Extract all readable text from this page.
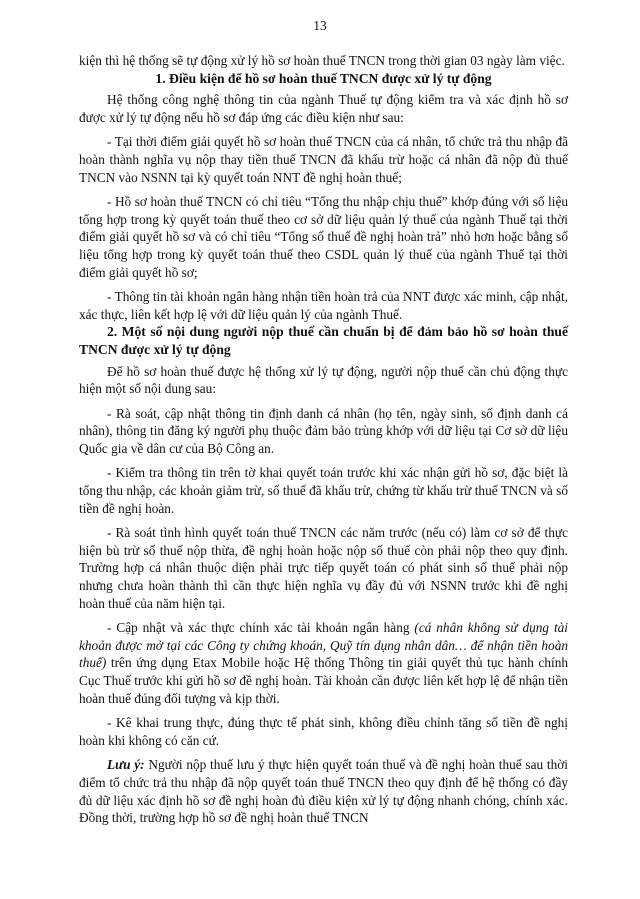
13

kiện thì hệ thống sẽ tự động xử lý hồ sơ hoàn thuế TNCN trong thời gian 03 ngày làm việc.

1. Điều kiện để hồ sơ hoàn thuế TNCN được xử lý tự động

Hệ thống công nghệ thông tin của ngành Thuế tự động kiểm tra và xác định hồ sơ được xử lý tự động nếu hồ sơ đáp ứng các điều kiện như sau:

- Tại thời điểm giải quyết hồ sơ hoàn thuế TNCN của cá nhân, tổ chức trả thu nhập đã hoàn thành nghĩa vụ nộp thay tiền thuế TNCN đã khấu trừ hoặc cá nhân đã nộp đủ thuế TNCN vào NSNN tại kỳ quyết toán NNT đề nghị hoàn thuế;

- Hồ sơ hoàn thuế TNCN có chỉ tiêu “Tổng thu nhập chịu thuế” khớp đúng với số liệu tổng hợp trong kỳ quyết toán thuế theo cơ sở dữ liệu quản lý thuế của ngành Thuế tại thời điểm giải quyết hồ sơ và có chỉ tiêu “Tổng số thuế đề nghị hoàn trả” nhỏ hơn hoặc bằng số liệu tổng hợp trong kỳ quyết toán thuế theo CSDL quản lý thuế của ngành Thuế tại thời điểm giải quyết hồ sơ;

- Thông tin tài khoản ngân hàng nhận tiền hoàn trả của NNT được xác minh, cập nhật, xác thực, liên kết hợp lệ với dữ liệu quản lý của ngành Thuế.

2. Một số nội dung người nộp thuế cần chuẩn bị để đảm bảo hồ sơ hoàn thuế TNCN được xử lý tự động

Để hồ sơ hoàn thuế được hệ thống xử lý tự động, người nộp thuế cần chủ động thực hiện một số nội dung sau:

- Rà soát, cập nhật thông tin định danh cá nhân (họ tên, ngày sinh, số định danh cá nhân), thông tin đăng ký người phụ thuộc đảm bảo trùng khớp với dữ liệu tại Cơ sở dữ liệu Quốc gia về dân cư của Bộ Công an.

- Kiểm tra thông tin trên tờ khai quyết toán trước khi xác nhận gửi hồ sơ, đặc biệt là tổng thu nhập, các khoản giảm trừ, số thuế đã khấu trừ, chứng từ khấu trừ thuế TNCN và số tiền đề nghị hoàn.

- Rà soát tình hình quyết toán thuế TNCN các năm trước (nếu có) làm cơ sở để thực hiện bù trừ số thuế nộp thừa, đề nghị hoàn hoặc nộp số thuế còn phải nộp theo quy định. Trường hợp cá nhân thuộc diện phải trực tiếp quyết toán có phát sinh số thuế phải nộp nhưng chưa hoàn thành thì cần thực hiện nghĩa vụ đầy đủ với NSNN trước khi đề nghị hoàn thuế của năm hiện tại.

- Cập nhật và xác thực chính xác tài khoản ngân hàng (cá nhân không sử dụng tài khoản được mở tại các Công ty chứng khoán, Quỹ tín dụng nhân dân… để nhận tiền hoàn thuế) trên ứng dụng Etax Mobile hoặc Hệ thống Thông tin giải quyết thủ tục hành chính Cục Thuế trước khi gửi hồ sơ đề nghị hoàn. Tài khoản cần được liên kết hợp lệ để nhận tiền hoàn thuế đúng đối tượng và kịp thời.

- Kê khai trung thực, đúng thực tế phát sinh, không điều chỉnh tăng số tiền đề nghị hoàn khi không có căn cứ.

Lưu ý: Người nộp thuế lưu ý thực hiện quyết toán thuế và đề nghị hoàn thuế sau thời điểm tổ chức trả thu nhập đã nộp quyết toán thuế TNCN theo quy định để hệ thống có đầy đủ dữ liệu xác định hồ sơ đề nghị hoàn đủ điều kiện xử lý tự động nhanh chóng, chính xác. Đồng thời, trường hợp hồ sơ đề nghị hoàn thuế TNCN
